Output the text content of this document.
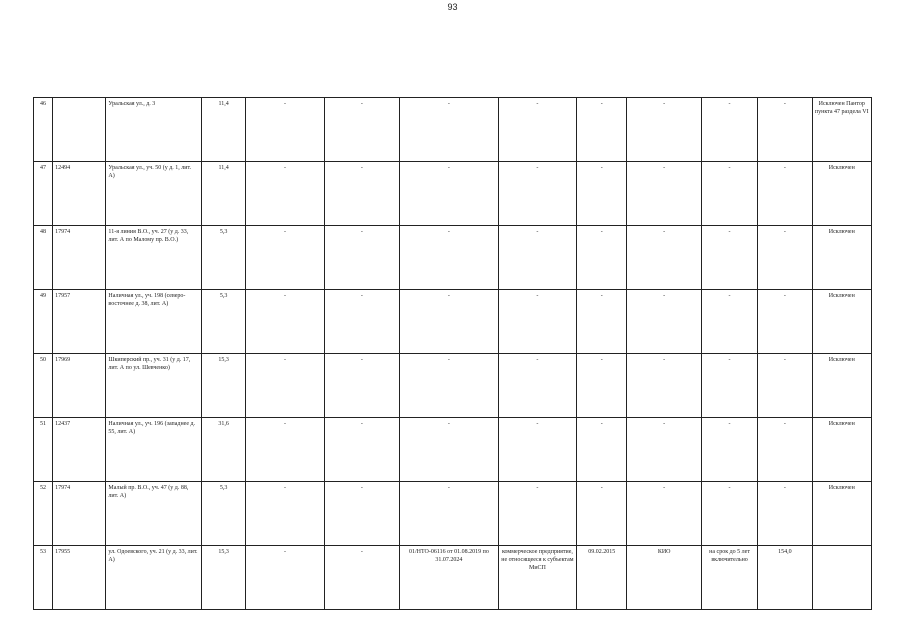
93
46		Уральская ул., д. 3	11,4	-	-	-	-	-	-	-	-	Исключен Пантор пункта 47 раздела VI
47	12494	Уральская ул., уч. 50 (у д. 1, лит. А)	11,4	-	-	-	-	-	-	-	-	Исключен
48	17974	11-я линия В.О., уч. 27 (у д. 33, лит. А по Малому пр. В.О.)	5,3	-	-	-	-	-	-	-	-	Исключен
49	17957	Наличная ул., уч. 198 (северо-восточнее д. 38, лит. А)	5,3	-	-	-	-	-	-	-	-	Исключен
50	17969	Шкиперский пр., уч. 31 (у д. 17, лит. А по ул. Шевченко)	15,3	-	-	-	-	-	-	-	-	Исключен
51	12437	Наличная ул., уч. 196 (западнее д. 55, лит. А)	31,6	-	-	-	-	-	-	-	-	Исключен
52	17974	Малый пр. В.О., уч. 47 (у д. 88, лит. А)	5,3	-	-	-	-	-	-	-	-	Исключен
53	17955	ул. Одоевского, уч. 21 (у д. 33, лит. А)	15,3	-	-	01/НТО-06116 от 01.08.2019 по 31.07.2024	коммерческое предприятие, не относящееся к субъектам МиСП	09.02.2015	КИО	на срок до 5 лет включительно	154,0	
